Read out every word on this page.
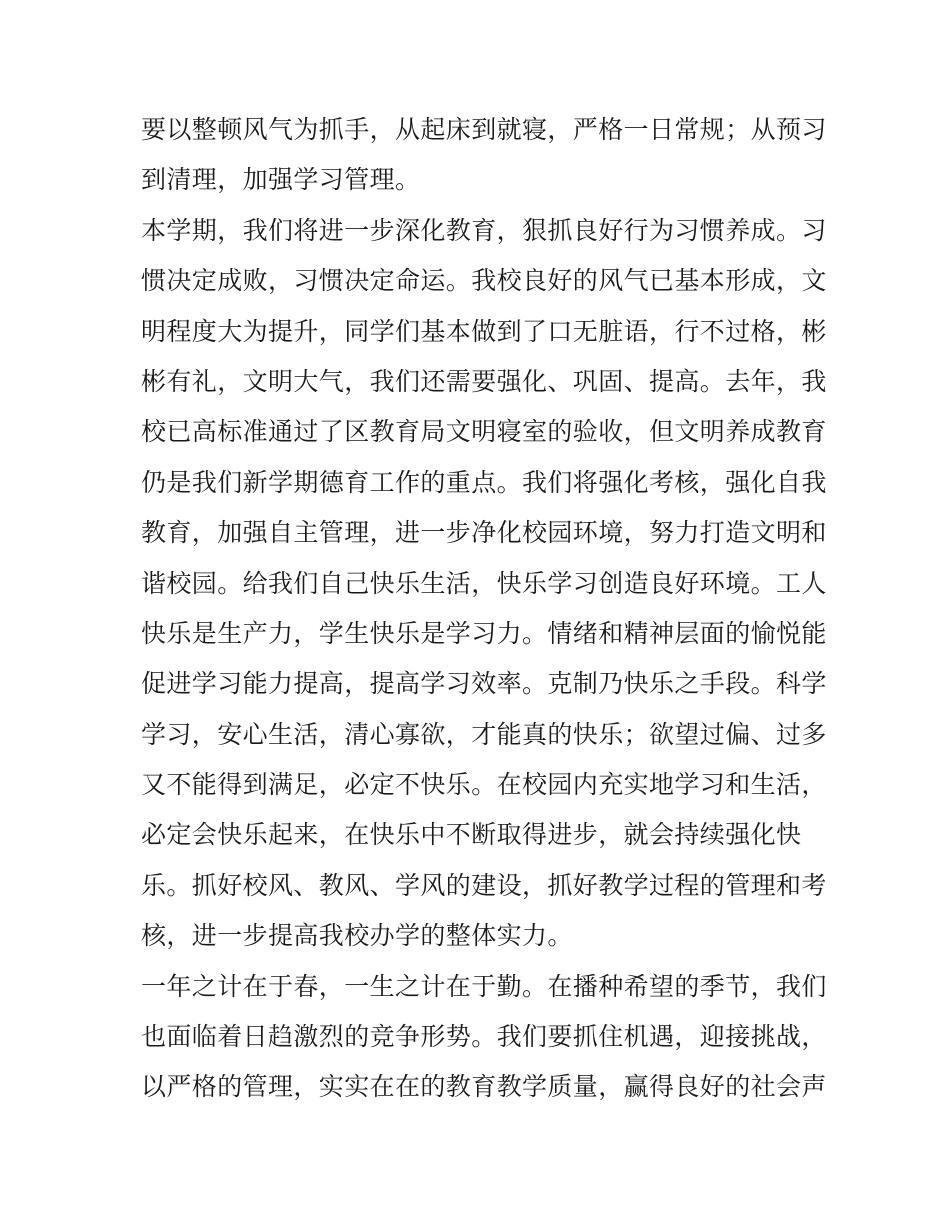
要以整顿风气为抓手，从起床到就寝，严格一日常规；从预习
到清理，加强学习管理。
本学期，我们将进一步深化教育，狠抓良好行为习惯养成。习
惯决定成败，习惯决定命运。我校良好的风气已基本形成，文
明程度大为提升，同学们基本做到了口无脏语，行不过格，彬
彬有礼，文明大气，我们还需要强化、巩固、提高。去年，我
校已高标准通过了区教育局文明寝室的验收，但文明养成教育
仍是我们新学期德育工作的重点。我们将强化考核，强化自我
教育，加强自主管理，进一步净化校园环境，努力打造文明和
谐校园。给我们自己快乐生活，快乐学习创造良好环境。工人
快乐是生产力，学生快乐是学习力。情绪和精神层面的愉悦能
促进学习能力提高，提高学习效率。克制乃快乐之手段。科学
学习，安心生活，清心寡欲，才能真的快乐；欲望过偏、过多
又不能得到满足，必定不快乐。在校园内充实地学习和生活，
必定会快乐起来，在快乐中不断取得进步，就会持续强化快
乐。抓好校风、教风、学风的建设，抓好教学过程的管理和考
核，进一步提高我校办学的整体实力。
一年之计在于春，一生之计在于勤。在播种希望的季节，我们
也面临着日趋激烈的竞争形势。我们要抓住机遇，迎接挑战，
以严格的管理，实实在在的教育教学质量，赢得良好的社会声
